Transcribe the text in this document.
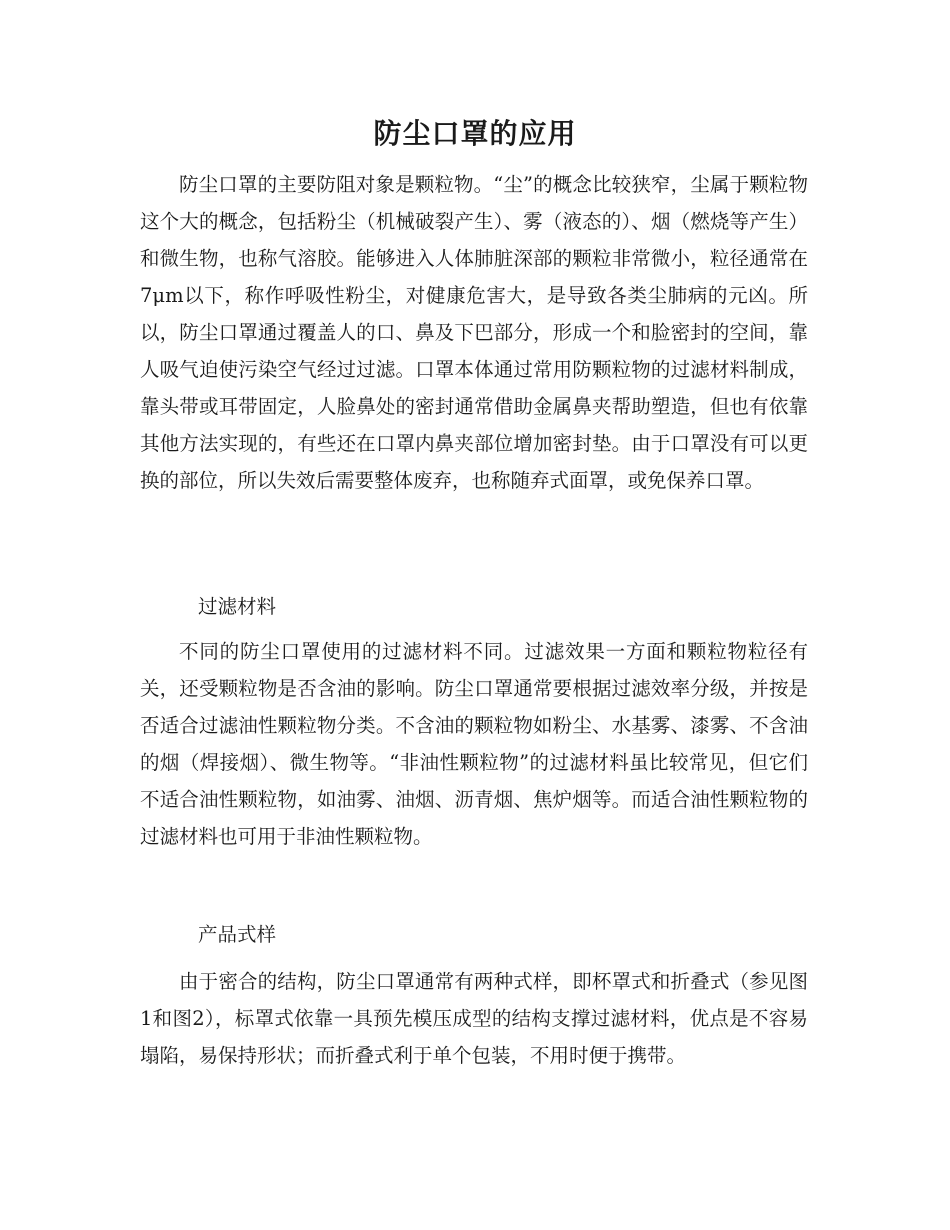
防尘口罩的应用

防尘口罩的主要防阻对象是颗粒物。“尘”的概念比较狭窄，尘属于颗粒物这个大的概念，包括粉尘（机械破裂产生）、雾（液态的）、烟（燃烧等产生）和微生物，也称气溶胶。能够进入人体肺脏深部的颗粒非常微小，粒径通常在7μm以下，称作呼吸性粉尘，对健康危害大，是导致各类尘肺病的元凶。所以，防尘口罩通过覆盖人的口、鼻及下巴部分，形成一个和脸密封的空间，靠人吸气迫使污染空气经过过滤。口罩本体通过常用防颗粒物的过滤材料制成，靠头带或耳带固定，人脸鼻处的密封通常借助金属鼻夹帮助塑造，但也有依靠其他方法实现的，有些还在口罩内鼻夹部位增加密封垫。由于口罩没有可以更换的部位，所以失效后需要整体废弃，也称随弃式面罩，或免保养口罩。

过滤材料

不同的防尘口罩使用的过滤材料不同。过滤效果一方面和颗粒物粒径有关，还受颗粒物是否含油的影响。防尘口罩通常要根据过滤效率分级，并按是否适合过滤油性颗粒物分类。不含油的颗粒物如粉尘、水基雾、漆雾、不含油的烟（焊接烟）、微生物等。“非油性颗粒物”的过滤材料虽比较常见，但它们不适合油性颗粒物，如油雾、油烟、沥青烟、焦炉烟等。而适合油性颗粒物的过滤材料也可用于非油性颗粒物。

产品式样

由于密合的结构，防尘口罩通常有两种式样，即杯罩式和折叠式（参见图1和图2），标罩式依靠一具预先模压成型的结构支撑过滤材料，优点是不容易塌陷，易保持形状；而折叠式利于单个包装，不用时便于携带。
